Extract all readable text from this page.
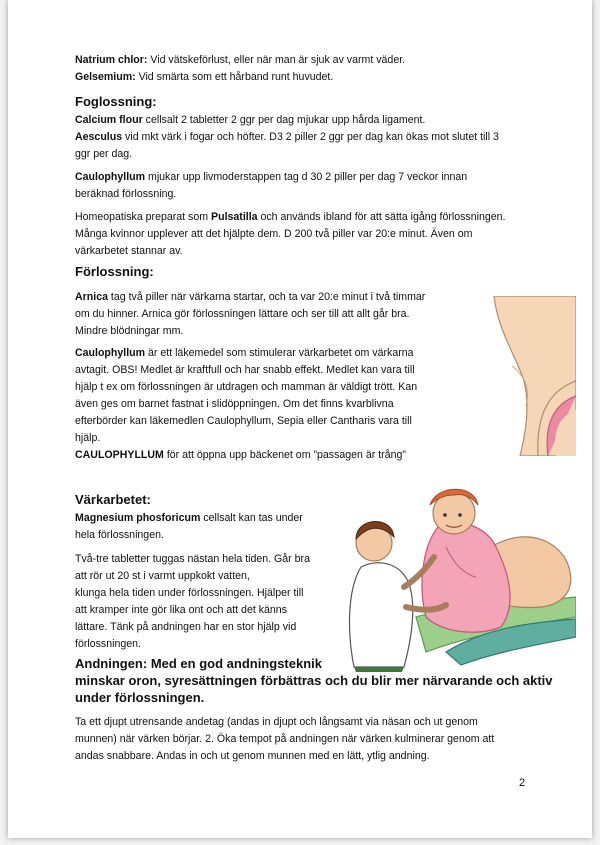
Natrium chlor: Vid vätskeförlust, eller när man är sjuk av varmt väder.

Gelsemium: Vid smärta som ett hårband runt huvudet.

Foglossning:

Calcium flour cellsalt 2 tabletter 2 ggr per dag mjukar upp hårda ligament.

Aesculus vid mkt värk i fogar och höfter. D3 2 piller 2 ggr per dag kan ökas mot slutet till 3

ggr per dag.

Caulophyllum mjukar upp livmoderstappen tag d 30 2 piller per dag 7 veckor innan

beräknad förlossning.

Homeopatiska preparat som Pulsatilla och används ibland för att sätta igång förlossningen.

Många kvinnor upplever att det hjälpte dem. D 200 två piller var 20:e minut. Även om

värkarbetet stannar av.

Förlossning:

Arnica tag två piller när värkarna startar, och ta var 20:e minut i två timmar

om du hinner. Arnica gör förlossningen lättare och ser till att allt går bra.

Mindre blödningar mm.

Caulophyllum är ett läkemedel som stimulerar värkarbetet om värkarna

avtagit. OBS! Medlet är kraftfull och har snabb effekt. Medlet kan vara till

hjälp t ex om förlossningen är utdragen och mamman är väldigt trött. Kan

även ges om barnet fastnat i slidöppningen. Om det finns kvarblivna

efterbörder kan läkemedlen Caulophyllum, Sepia eller Cantharis vara till

hjälp.

CAULOPHYLLUM för att öppna upp bäckenet om ”passagen är trång”

Värkarbetet:

Magnesium phosforicum cellsalt kan tas under

hela förlossningen.

Två-tre tabletter tuggas nästan hela tiden. Går bra

att rör ut 20 st i varmt uppkokt vatten,

klunga hela tiden under förlossningen. Hjälper till

att kramper inte gör lika ont och att det känns

lättare. Tänk på andningen har en stor hjälp vid

förlossningen.

Andningen: Med en god andningsteknik

minskar oron, syresättningen förbättras och du blir mer närvarande och aktiv

under förlossningen.

Ta ett djupt utrensande andetag (andas in djupt och långsamt via näsan och ut genom

munnen) när värken börjar. 2. Öka tempot på andningen när värken kulminerar genom att

andas snabbare. Andas in och ut genom munnen med en lätt, ytlig andning.

2
